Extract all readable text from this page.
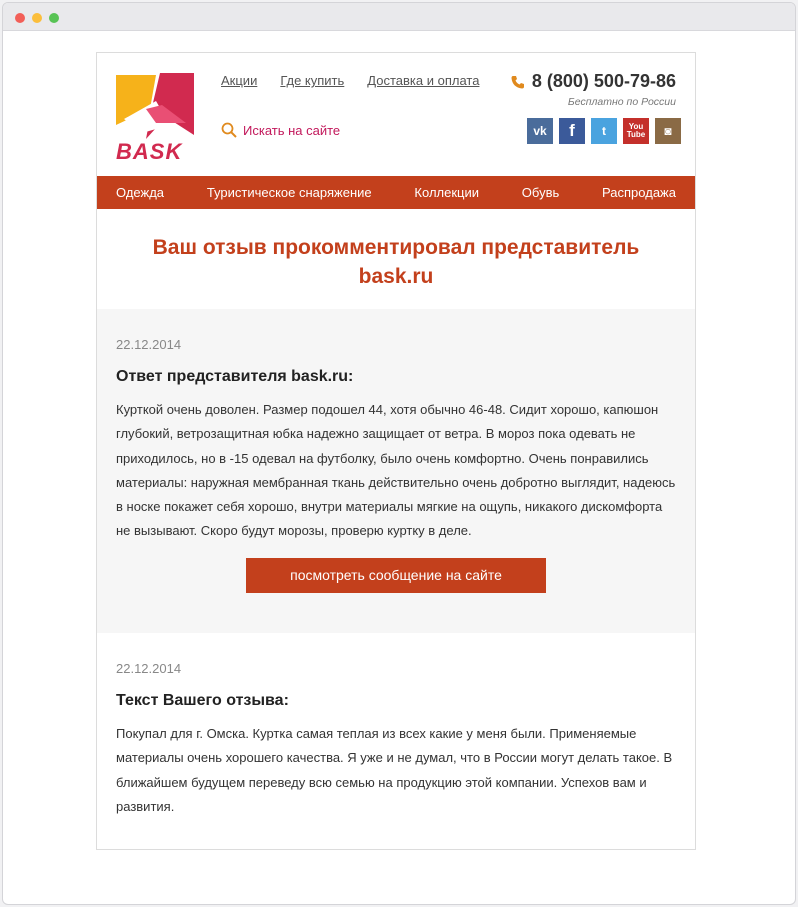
BASK
Акции Где купить Доставка и оплата
Искать на сайте
8 (800) 500-79-86
Бесплатно по России
vk	f	t	You
Tube	◙
Одежда	Туристическое снаряжение	Коллекции	Обувь	Распродажа
Ваш отзыв прокомментировал представитель bask.ru
22.12.2014
Ответ представителя bask.ru:
Курткой очень доволен. Размер подошел 44, хотя обычно 46-48. Сидит хорошо, капюшон глубокий, ветрозащитная юбка надежно защищает от ветра. В мороз пока одевать не приходилось, но в -15 одевал на футболку, было очень комфортно. Очень понравились материалы: наружная мембранная ткань действительно очень добротно выглядит, надеюсь в носке покажет себя хорошо, внутри материалы мягкие на ощупь, никакого дискомфорта не вызывают. Скоро будут морозы, проверю куртку в деле.
посмотреть сообщение на сайте
22.12.2014
Текст Вашего отзыва:
Покупал для г. Омска. Куртка самая теплая из всех какие у меня были. Применяемые материалы очень хорошего качества. Я уже и не думал, что в России могут делать такое. В ближайшем будущем переведу всю семью на продукцию этой компании. Успехов вам и развития.
